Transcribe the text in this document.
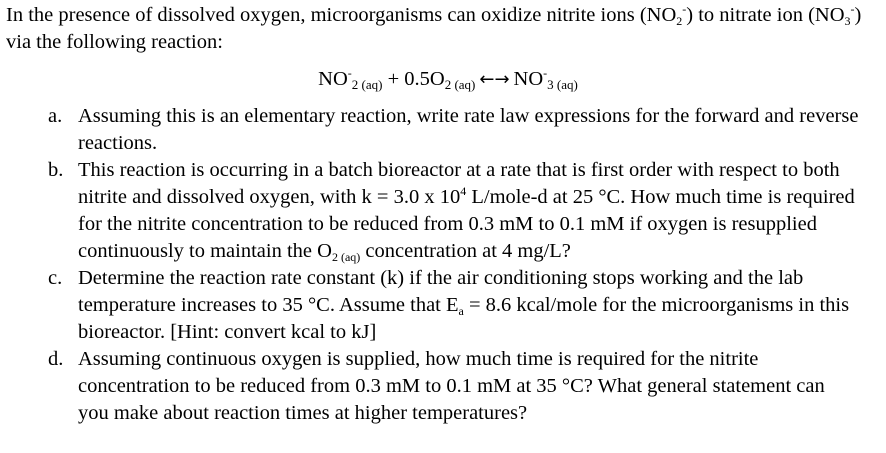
In the presence of dissolved oxygen, microorganisms can oxidize nitrite ions $(NO_2^-)$ to nitrate ion $(NO_3^-)$ via the following reaction:

$NO^-_{2 (aq)} + 0.5O_{2 (aq)}$ ←→ $NO^-_{3 (aq)}$
a. Assuming this is an elementary reaction, write rate law expressions for the forward and reverse reactions.
b. This reaction is occurring in a batch bioreactor at a rate that is first order with respect to both nitrite and dissolved oxygen, with k = 3.0 x $10^4$ L/mole-d at 25 °C. How much time is required for the nitrite concentration to be reduced from 0.3 mM to 0.1 mM if oxygen is resupplied continuously to maintain the $O_{2 (aq)}$ concentration at 4 mg/L?
c. Determine the reaction rate constant (k) if the air conditioning stops working and the lab temperature increases to 35 °C. Assume that $E_a = 8.6$ kcal/mole for the microorganisms in this bioreactor. [Hint: convert kcal to kJ]
d. Assuming continuous oxygen is supplied, how much time is required for the nitrite concentration to be reduced from 0.3 mM to 0.1 mM at 35 °C? What general statement can you make about reaction times at higher temperatures?
